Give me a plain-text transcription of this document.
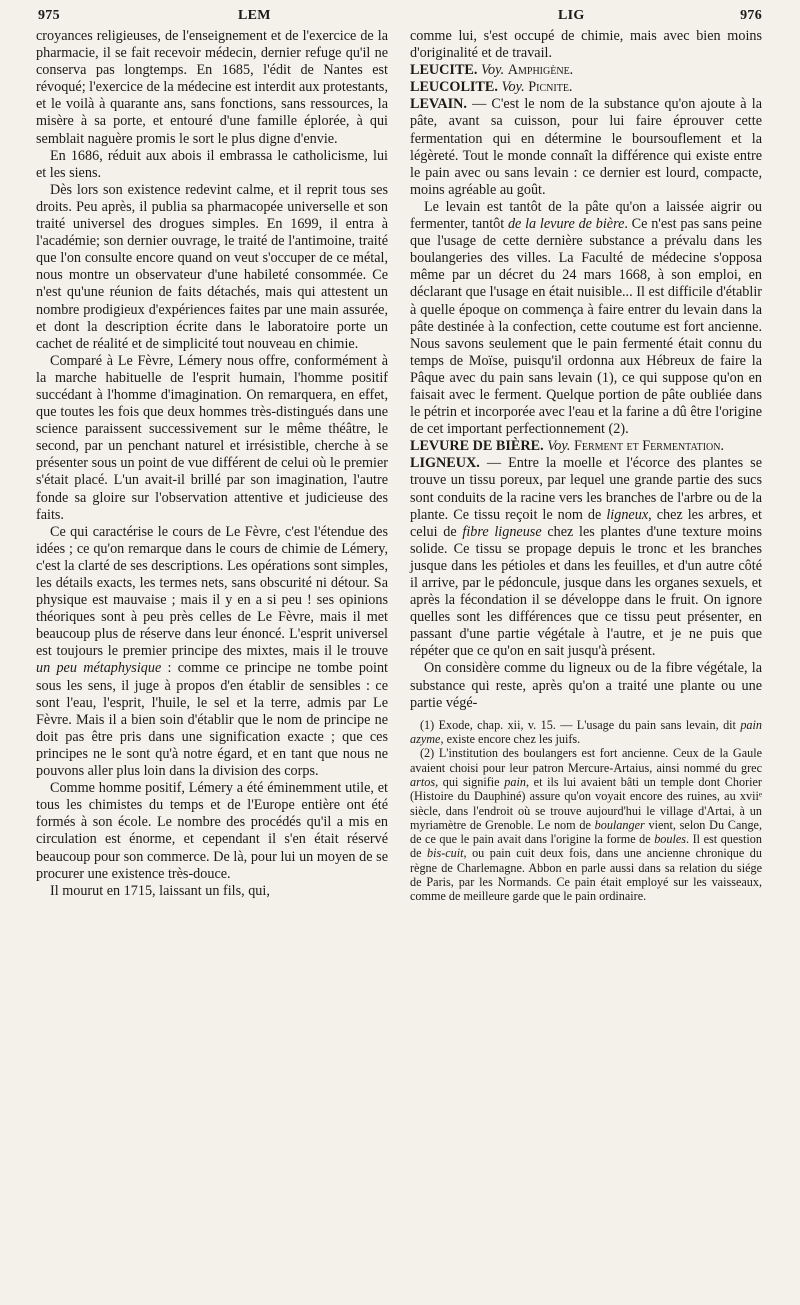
975	LEM	LIG	976

croyances religieuses, de l'enseignement et de l'exercice de la pharmacie, il se fait recevoir médecin, dernier refuge qu'il ne conserva pas longtemps. En 1685, l'édit de Nantes est révoqué; l'exercice de la médecine est interdit aux protestants, et le voilà à quarante ans, sans fonctions, sans ressources, la misère à sa porte, et entouré d'une famille éplorée, à qui semblait naguère promis le sort le plus digne d'envie.

En 1686, réduit aux abois il embrassa le catholicisme, lui et les siens.

Dès lors son existence redevint calme, et il reprit tous ses droits. Peu après, il publia sa pharmacopée universelle et son traité universel des drogues simples. En 1699, il entra à l'académie; son dernier ouvrage, le traité de l'antimoine, traité que l'on consulte encore quand on veut s'occuper de ce métal, nous montre un observateur d'une habileté consommée. Ce n'est qu'une réunion de faits détachés, mais qui attestent un nombre prodigieux d'expériences faites par une main assurée, et dont la description écrite dans le laboratoire porte un cachet de réalité et de simplicité tout nouveau en chimie.

Comparé à Le Fèvre, Lémery nous offre, conformément à la marche habituelle de l'esprit humain, l'homme positif succédant à l'homme d'imagination. On remarquera, en effet, que toutes les fois que deux hommes très-distingués dans une science paraissent successivement sur le même théâtre, le second, par un penchant naturel et irrésistible, cherche à se présenter sous un point de vue différent de celui où le premier s'était placé. L'un avait-il brillé par son imagination, l'autre fonde sa gloire sur l'observation attentive et judicieuse des faits.

Ce qui caractérise le cours de Le Fèvre, c'est l'étendue des idées ; ce qu'on remarque dans le cours de chimie de Lémery, c'est la clarté de ses descriptions. Les opérations sont simples, les détails exacts, les termes nets, sans obscurité ni détour. Sa physique est mauvaise ; mais il y en a si peu ! ses opinions théoriques sont à peu près celles de Le Fèvre, mais il met beaucoup plus de réserve dans leur énoncé. L'esprit universel est toujours le premier principe des mixtes, mais il le trouve un peu métaphysique : comme ce principe ne tombe point sous les sens, il juge à propos d'en établir de sensibles : ce sont l'eau, l'esprit, l'huile, le sel et la terre, admis par Le Fèvre. Mais il a bien soin d'établir que le nom de principe ne doit pas être pris dans une signification exacte ; que ces principes ne le sont qu'à notre égard, et en tant que nous ne pouvons aller plus loin dans la division des corps.

Comme homme positif, Lémery a été éminemment utile, et tous les chimistes du temps et de l'Europe entière ont été formés à son école. Le nombre des procédés qu'il a mis en circulation est énorme, et cependant il s'en était réservé beaucoup pour son commerce. De là, pour lui un moyen de se procurer une existence très-douce.

Il mourut en 1715, laissant un fils, qui,

comme lui, s'est occupé de chimie, mais avec bien moins d'originalité et de travail.

LEUCITE. Voy. Amphigène.

LEUCOLITE. Voy. Picnite.

LEVAIN. — C'est le nom de la substance qu'on ajoute à la pâte, avant sa cuisson, pour lui faire éprouver cette fermentation qui en détermine le boursouflement et la légèreté. Tout le monde connaît la différence qui existe entre le pain avec ou sans levain : ce dernier est lourd, compacte, moins agréable au goût.

Le levain est tantôt de la pâte qu'on a laissée aigrir ou fermenter, tantôt de la levure de bière. Ce n'est pas sans peine que l'usage de cette dernière substance a prévalu dans les boulangeries des villes. La Faculté de médecine s'opposa même par un décret du 24 mars 1668, à son emploi, en déclarant que l'usage en était nuisible... Il est difficile d'établir à quelle époque on commença à faire entrer du levain dans la pâte destinée à la confection, cette coutume est fort ancienne. Nous savons seulement que le pain fermenté était connu du temps de Moïse, puisqu'il ordonna aux Hébreux de faire la Pâque avec du pain sans levain (1), ce qui suppose qu'on en faisait avec le ferment. Quelque portion de pâte oubliée dans le pétrin et incorporée avec l'eau et la farine a dû être l'origine de cet important perfectionnement (2).

LEVURE DE BIÈRE. Voy. Ferment et Fermentation.

LIGNEUX. — Entre la moelle et l'écorce des plantes se trouve un tissu poreux, par lequel une grande partie des sucs sont conduits de la racine vers les branches de l'arbre ou de la plante. Ce tissu reçoit le nom de ligneux, chez les arbres, et celui de fibre ligneuse chez les plantes d'une texture moins solide. Ce tissu se propage depuis le tronc et les branches jusque dans les pétioles et dans les feuilles, et d'un autre côté il arrive, par le pédoncule, jusque dans les organes sexuels, et après la fécondation il se développe dans le fruit. On ignore quelles sont les différences que ce tissu peut présenter, en passant d'une partie végétale à l'autre, et je ne puis que répéter que ce qu'on en sait jusqu'à présent.

On considère comme du ligneux ou de la fibre végétale, la substance qui reste, après qu'on a traité une plante ou une partie végé-

(1) Exode, chap. xii, v. 15. — L'usage du pain sans levain, dit pain azyme, existe encore chez les juifs.

(2) L'institution des boulangers est fort ancienne. Ceux de la Gaule avaient choisi pour leur patron Mercure-Artaius, ainsi nommé du grec artos, qui signifie pain, et ils lui avaient bâti un temple dont Chorier (Histoire du Dauphiné) assure qu'on voyait encore des ruines, au xviiᵉ siècle, dans l'endroit où se trouve aujourd'hui le village d'Artai, à un myriamètre de Grenoble. Le nom de boulanger vient, selon Du Cange, de ce que le pain avait dans l'origine la forme de boules. Il est question de bis-cuit, ou pain cuit deux fois, dans une ancienne chronique du règne de Charlemagne. Abbon en parle aussi dans sa relation du siége de Paris, par les Normands. Ce pain était employé sur les vaisseaux, comme de meilleure garde que le pain ordinaire.
